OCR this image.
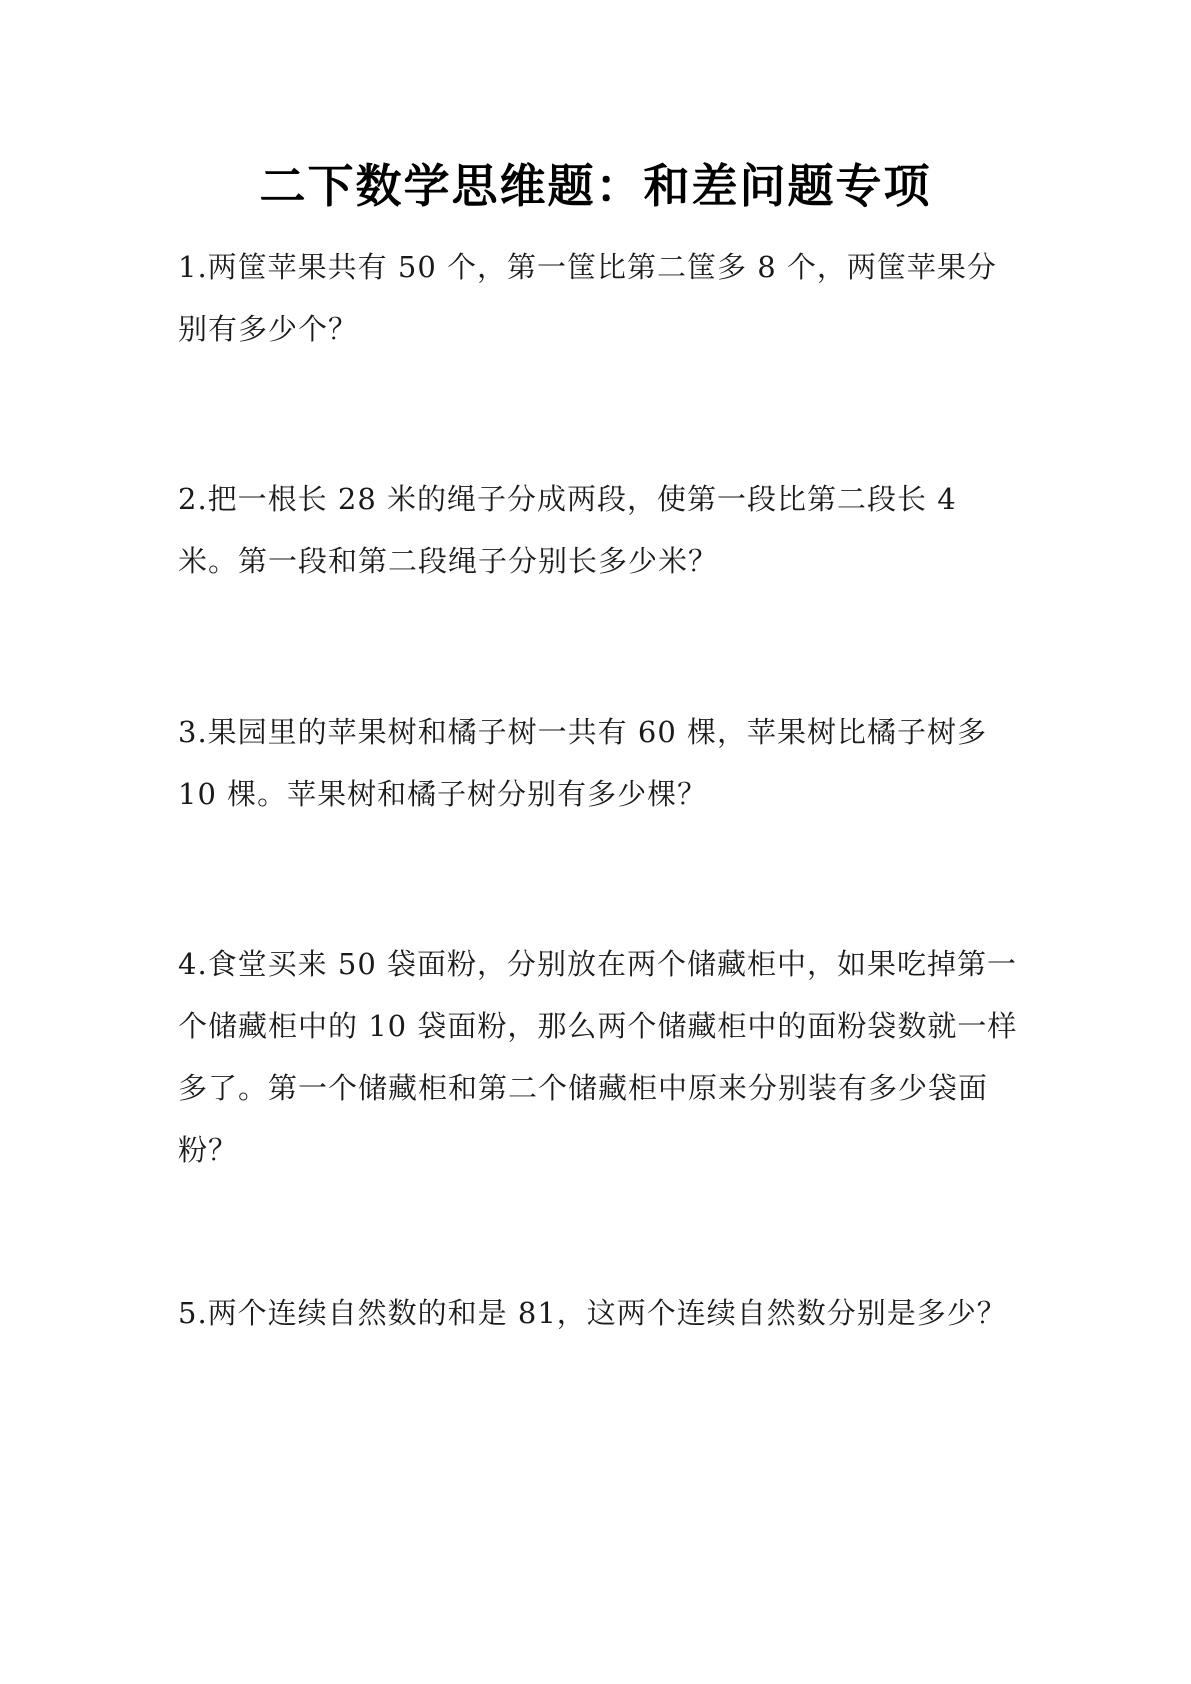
二下数学思维题：和差问题专项
1.两筐苹果共有 50 个，第一筐比第二筐多 8 个，两筐苹果分别有多少个？
2.把一根长 28 米的绳子分成两段，使第一段比第二段长 4 米。第一段和第二段绳子分别长多少米？
3.果园里的苹果树和橘子树一共有 60 棵，苹果树比橘子树多 10 棵。苹果树和橘子树分别有多少棵？
4.食堂买来 50 袋面粉，分别放在两个储藏柜中，如果吃掉第一个储藏柜中的 10 袋面粉，那么两个储藏柜中的面粉袋数就一样多了。第一个储藏柜和第二个储藏柜中原来分别装有多少袋面粉？
5.两个连续自然数的和是 81，这两个连续自然数分别是多少？
